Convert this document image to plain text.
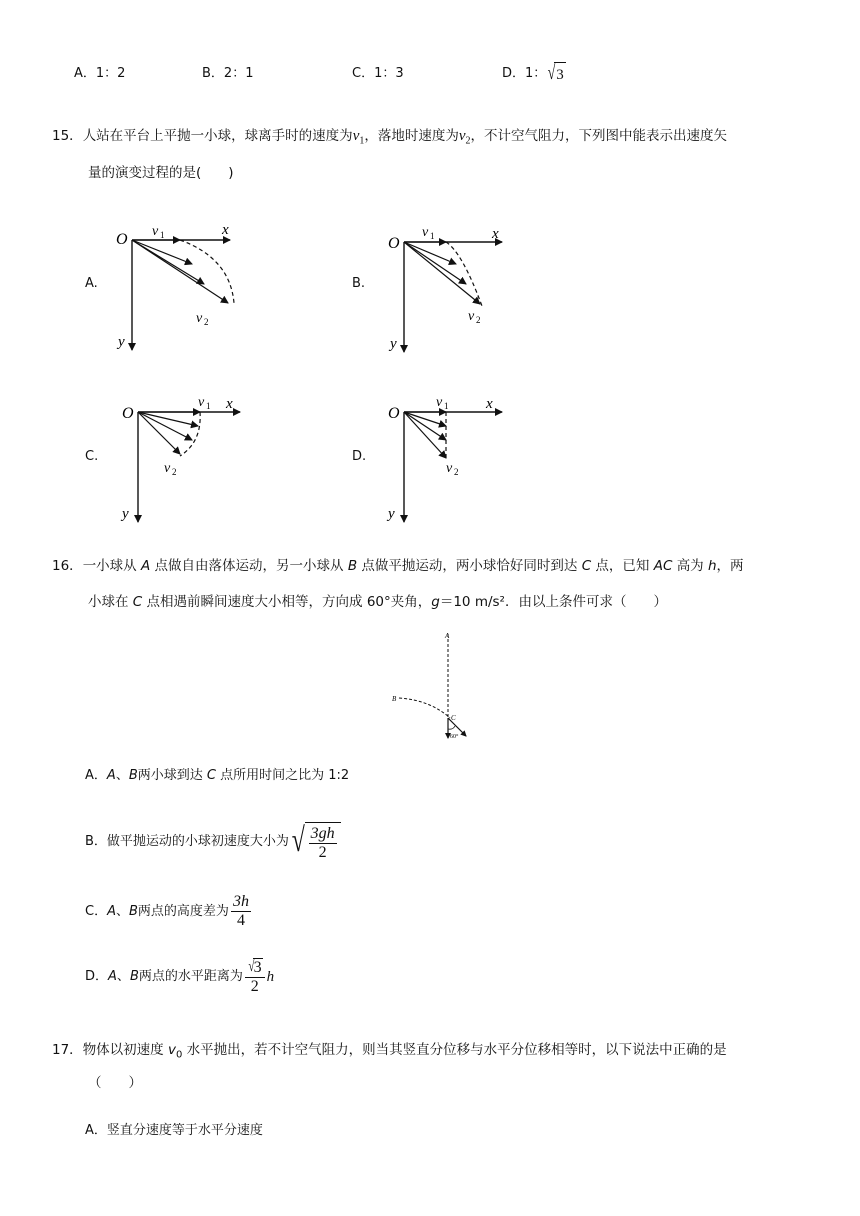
A．1：2	B．2：1	C．1：3	D．1： √ 3
15．人站在平台上平抛一小球，球离手时的速度为$v_1$，落地时速度为$v_2$，不计空气阻力，下列图中能表示出速度矢
量的演变过程的是(　　)
A.	B.
C.	D.
O v 1	x
v 2
y
O
v 1	x
v 2
y
O
v 1 x
v 2
y
O
v 1	x
v 2
y
16．一小球从 A 点做自由落体运动，另一小球从 B 点做平抛运动，两小球恰好同时到达 C 点，已知 AC 高为 h，两
小球在 C 点相遇前瞬间速度大小相等，方向成 60°夹角，g＝10 m/s²．由以上条件可求（　　）
A
B
C
60°
A．A、B两小球到达 C 点所用时间之比为 1:2
B．做平抛运动的小球初速度大小为 √ $\frac{3gh}{2}$
C． A 、 B 两点的高度差为 $\frac{3h}{4}$
D． A 、 B 两点的水平距离为 $\frac{√ 3}{2}$ h
17．物体以初速度 $v_0$ 水平抛出，若不计空气阻力，则当其竖直分位移与水平分位移相等时，以下说法中正确的是
（　　）
A．竖直分速度等于水平分速度
